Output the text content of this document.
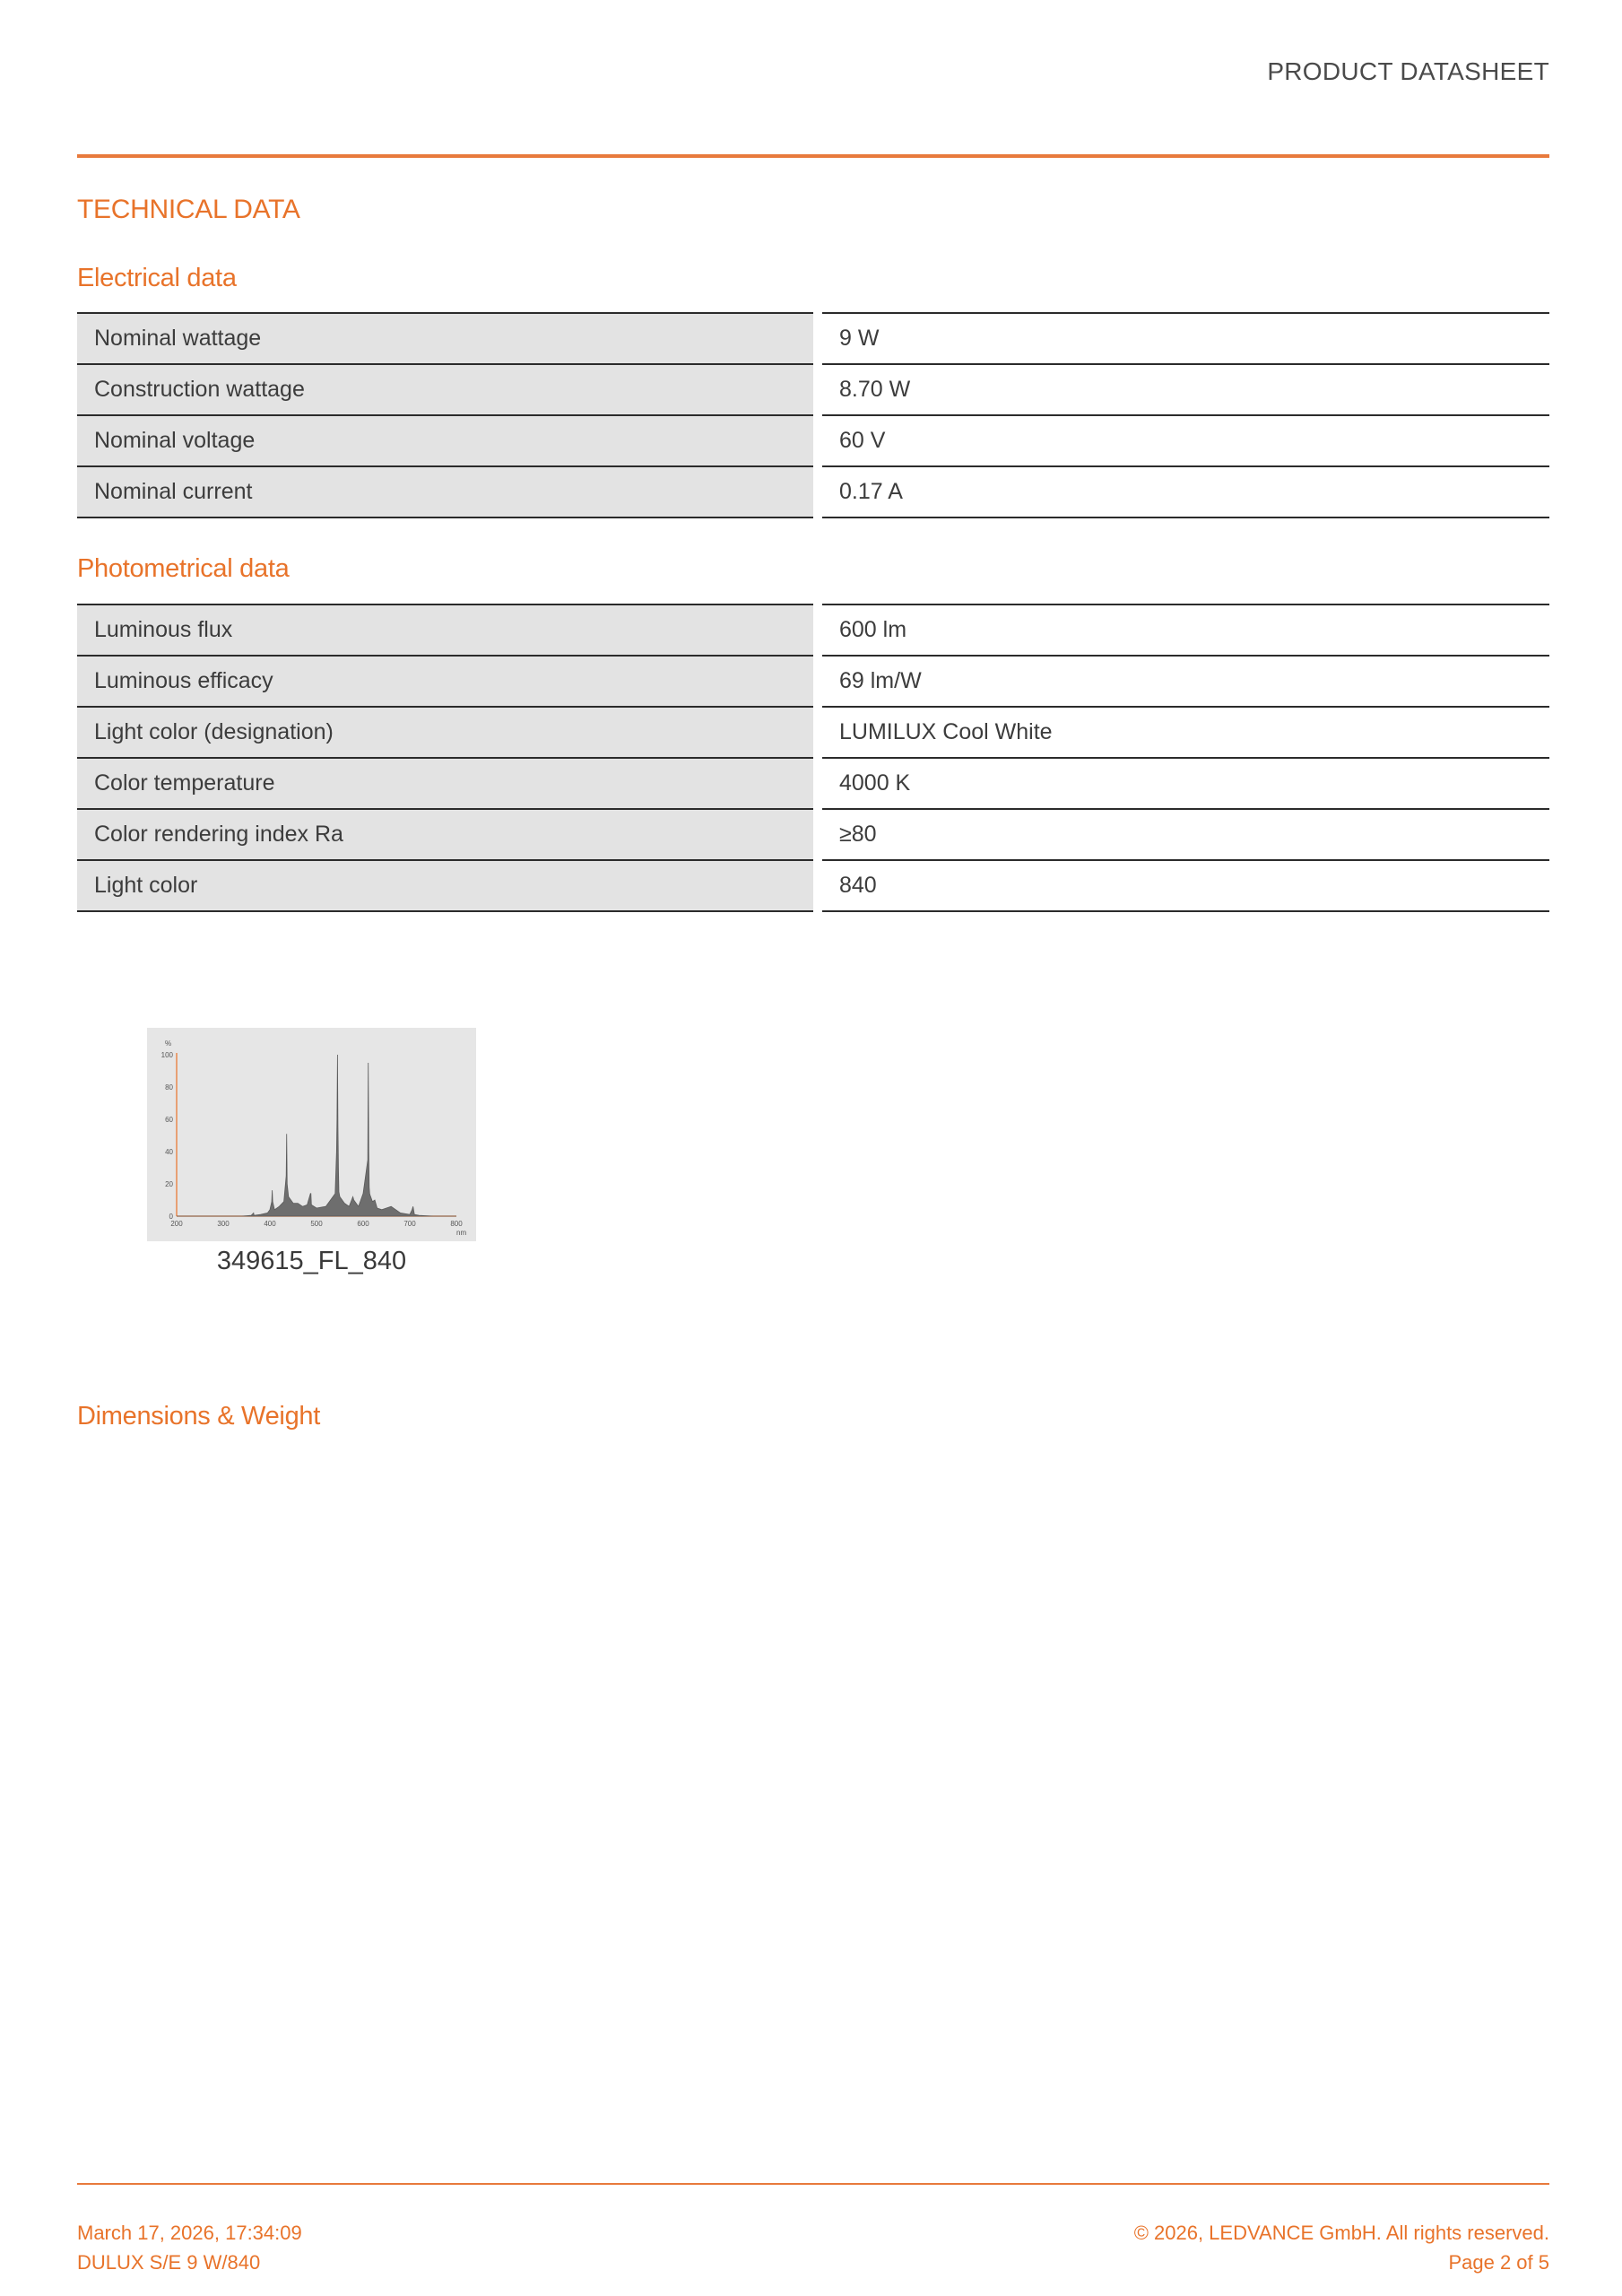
PRODUCT DATASHEET
TECHNICAL DATA
Electrical data
Nominal wattage	9 W
Construction wattage	8.70 W
Nominal voltage	60 V
Nominal current	0.17 A
Photometrical data
Luminous flux	600 lm
Luminous efficacy	69 lm/W
Light color (designation)	LUMILUX Cool White
Color temperature	4000 K
Color rendering index Ra	≥80
Light color	840
%
nm
100
80
60
40
20
0
200	300	400	500	600	700	800
349615_FL_840
Dimensions & Weight
March 17, 2026, 17:34:09
DULUX S/E 9 W/840
© 2026, LEDVANCE GmbH. All rights reserved.
Page 2 of 5
